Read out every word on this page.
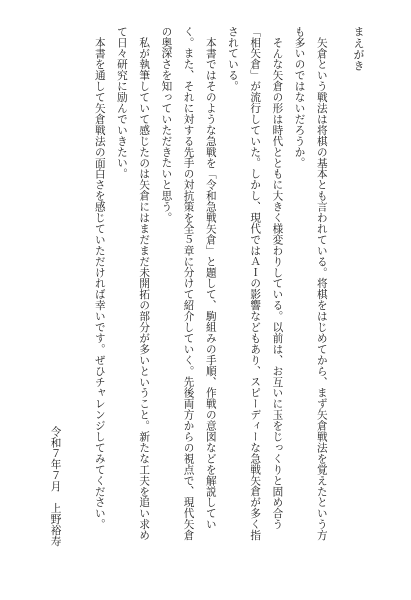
まえがき

矢倉という戦法は将棋の基本とも言われている。将棋をはじめてから、まず矢倉戦法を覚えたという方も多いのではないだろうか。

そんな矢倉の形は時代とともに大きく様変わりしている。以前は、お互いに玉をじっくりと固め合う「相矢倉」が流行していた。しかし、現代ではＡＩの影響などもあり、スピーディーな急戦矢倉が多く指されている。

本書ではそのような急戦を「令和急戦矢倉」と題して、駒組みの手順、作戦の意図などを解説していく。また、それに対する先手の対抗策を全５章に分けて紹介していく。先後両方からの視点で、現代矢倉の奥深さを知っていただきたいと思う。

私が執筆していて感じたのは矢倉にはまだまだ未開拓の部分が多いということ。新たな工夫を追い求めて日々研究に励んでいきたい。

本書を通して矢倉戦法の面白さを感じていただければ幸いです。ぜひチャレンジしてみてください。

令和７年７月　上野裕寿
